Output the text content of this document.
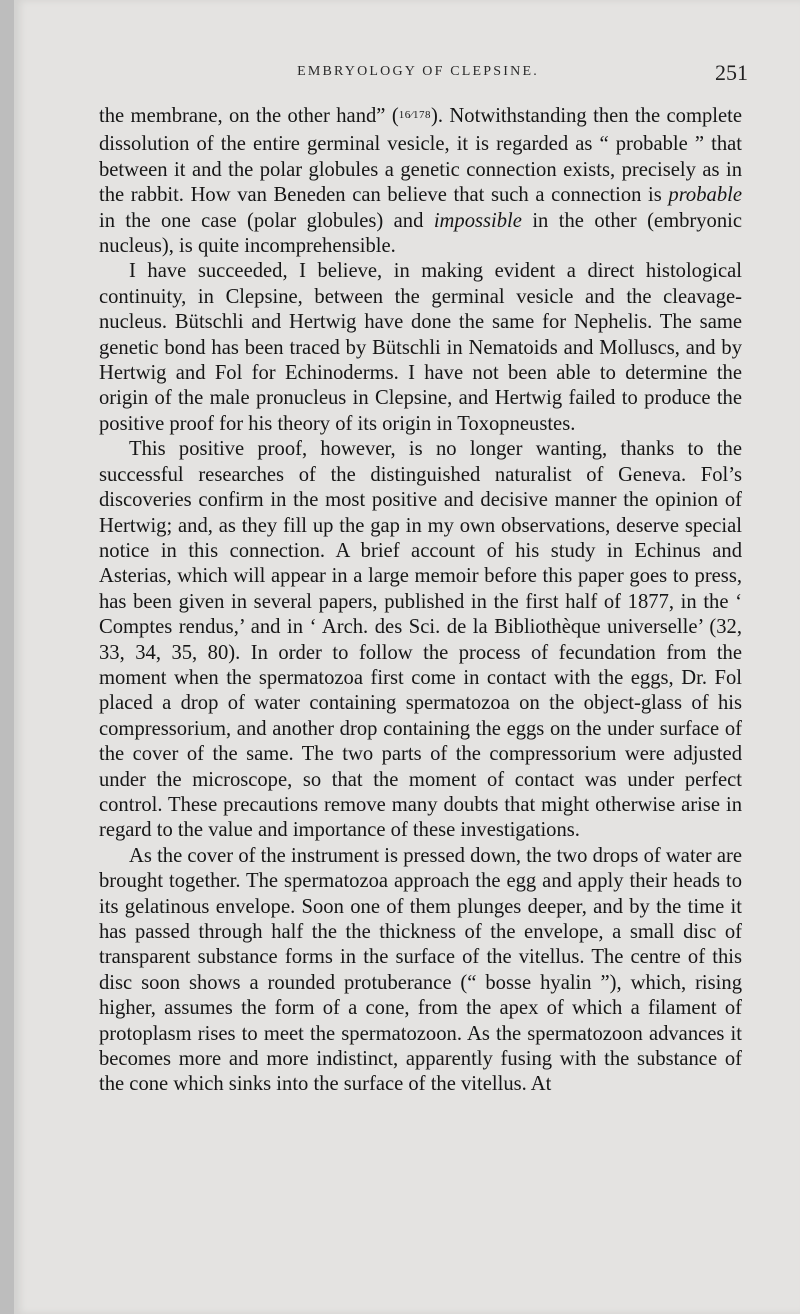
EMBRYOLOGY OF CLEPSINE.	251

the membrane, on the other hand” (16⁄178). Notwithstanding then the complete dissolution of the entire germinal vesicle, it is regarded as “ probable ” that between it and the polar globules a genetic connection exists, precisely as in the rabbit. How van Beneden can believe that such a connection is probable in the one case (polar globules) and impossible in the other (embryonic nucleus), is quite incomprehensible.

I have succeeded, I believe, in making evident a direct histological continuity, in Clepsine, between the germinal vesicle and the cleavage-nucleus. Bütschli and Hertwig have done the same for Nephelis. The same genetic bond has been traced by Bütschli in Nematoids and Molluscs, and by Hertwig and Fol for Echinoderms. I have not been able to determine the origin of the male pronucleus in Clepsine, and Hertwig failed to produce the positive proof for his theory of its origin in Toxopneustes.

This positive proof, however, is no longer wanting, thanks to the successful researches of the distinguished naturalist of Geneva. Fol’s discoveries confirm in the most positive and decisive manner the opinion of Hertwig; and, as they fill up the gap in my own observations, deserve special notice in this connection. A brief account of his study in Echinus and Asterias, which will appear in a large memoir before this paper goes to press, has been given in several papers, published in the first half of 1877, in the ‘ Comptes rendus,’ and in ‘ Arch. des Sci. de la Bibliothèque universelle’ (32, 33, 34, 35, 80). In order to follow the process of fecundation from the moment when the spermatozoa first come in contact with the eggs, Dr. Fol placed a drop of water containing spermatozoa on the object-glass of his compressorium, and another drop containing the eggs on the under surface of the cover of the same. The two parts of the compressorium were adjusted under the microscope, so that the moment of contact was under perfect control. These precautions remove many doubts that might otherwise arise in regard to the value and importance of these investigations.

As the cover of the instrument is pressed down, the two drops of water are brought together. The spermatozoa approach the egg and apply their heads to its gelatinous envelope. Soon one of them plunges deeper, and by the time it has passed through half the the thickness of the envelope, a small disc of transparent substance forms in the surface of the vitellus. The centre of this disc soon shows a rounded protuberance (“ bosse hyalin ”), which, rising higher, assumes the form of a cone, from the apex of which a filament of protoplasm rises to meet the spermatozoon. As the spermatozoon advances it becomes more and more indistinct, apparently fusing with the substance of the cone which sinks into the surface of the vitellus. At
